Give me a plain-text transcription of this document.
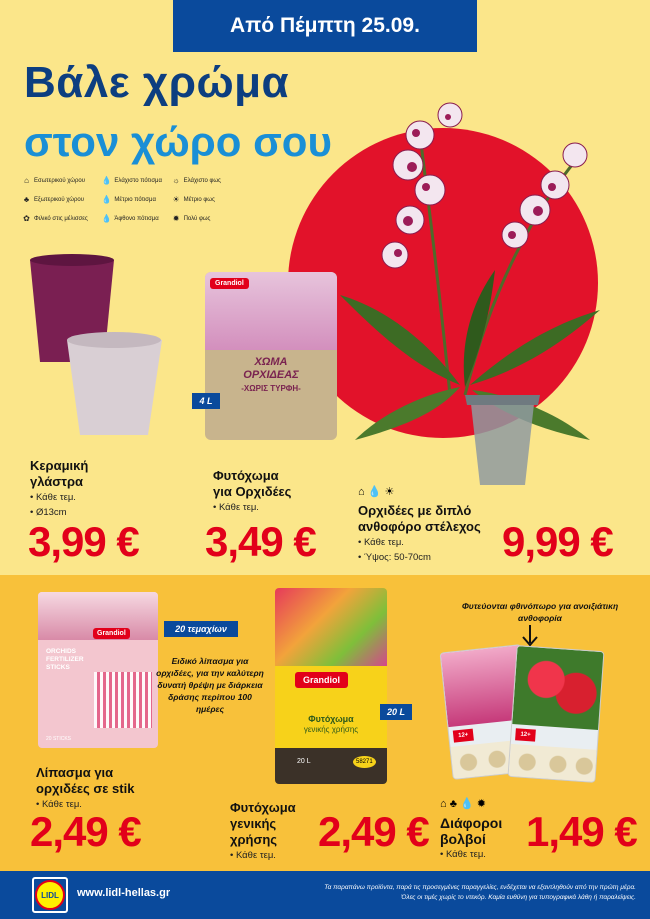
Από Πέμπτη 25.09.
Βάλε χρώμα
στον χώρο σου
⌂ Εσωτερικού χώρου 💧 Ελάχιστο πότισμα ☼ Ελάχιστο φως
♣ Εξωτερικού χώρου 💧 Μέτριο πότισμα ☀ Μέτριο φως
✿ Φιλικό στις μέλισσες 💧 Άφθονο πότισμα ✹ Πολύ φως
Κεραμική
γλάστρα
• Κάθε τεμ.
• Ø13cm
3,99 €
Grandiol
ΧΩΜΑ
ΟΡΧΙΔΕΑΣ
-ΧΩΡΙΣ ΤΥΡΦΗ-
4 L
Φυτόχωμα
για Ορχιδέες
• Κάθε τεμ.
3,49 €
⌂ 💧 ☀
Ορχιδέες με διπλό
ανθοφόρο στέλεχος
• Κάθε τεμ.
• Ύψος: 50-70cm	9,99 €
Grandiol
ORCHIDS
FERTILIZER
STICKS
20 STICKS
20 τεμαχίων
Ειδικό λίπασμα για ορχιδέες, για την καλύτερη δυνατή θρέψη με διάρκεια δράσης περίπου 100 ημέρες
Λίπασμα για
ορχιδέες σε stik
• Κάθε τεμ.
2,49 €
Grandiol
Φυτόχωμα
γενικής χρήσης
20 L	58271
20 L
Φυτόχωμα
γενικής
χρήσης
• Κάθε τεμ.
2,49 €
Φυτεύονται φθινόπωρο για ανοιξιάτικη ανθοφορία
12+	12+
⌂ ♣ 💧 ✹
Διάφοροι
βολβοί
• Κάθε τεμ. 1,49 €
LIDL	www.lidl-hellas.gr	Τα παραπάνω προϊόντα, παρά τις προσεγμένες παραγγελίες, ενδέχεται να εξαντληθούν από την πρώτη μέρα.
Όλες οι τιμές χωρίς το ντεκόρ. Καμία ευθύνη για τυπογραφικά λάθη ή παραλείψεις.
